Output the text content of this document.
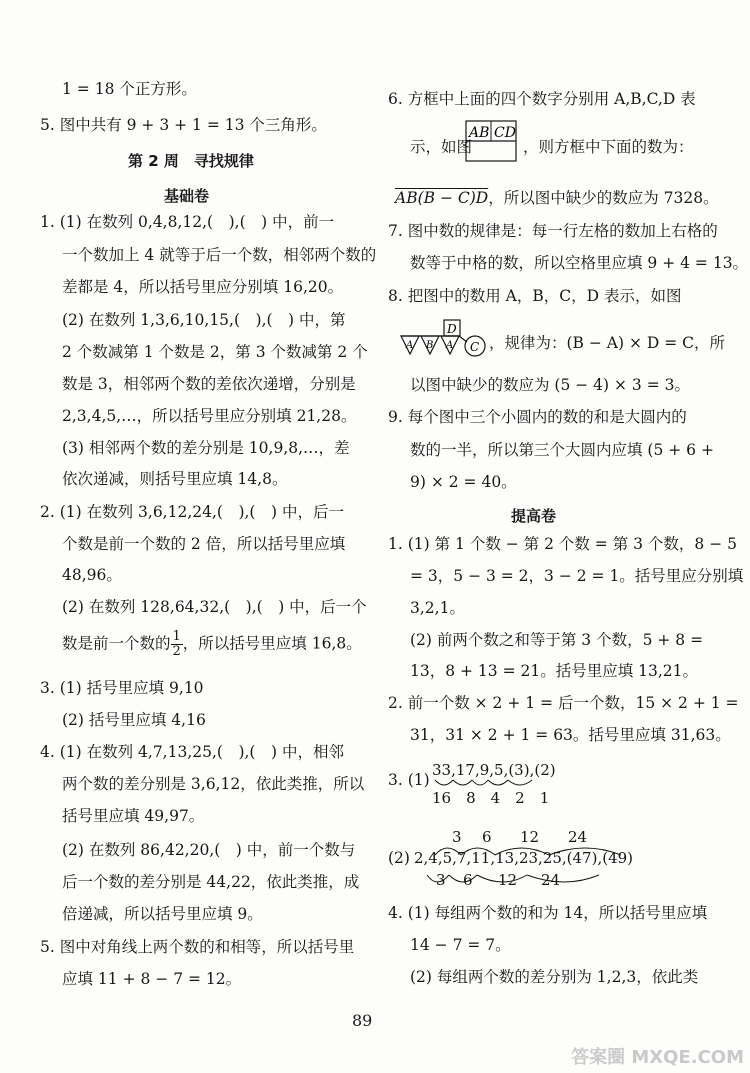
1 = 18 个正方形。
5. 图中共有 9 + 3 + 1 = 13 个三角形。
第 2 周　寻找规律
基础卷
1. (1) 在数列 0,4,8,12,(　),(　) 中，前一
一个数加上 4 就等于后一个数，相邻两个数的
差都是 4，所以括号里应分别填 16,20。
(2) 在数列 1,3,6,10,15,(　),(　) 中，第
2 个数减第 1 个数是 2，第 3 个数减第 2 个
数是 3，相邻两个数的差依次递增，分别是
2,3,4,5,…，所以括号里应分别填 21,28。
(3) 相邻两个数的差分别是 10,9,8,…，差
依次递减，则括号里应填 14,8。
2. (1) 在数列 3,6,12,24,(　),(　) 中，后一
个数是前一个数的 2 倍，所以括号里应填
48,96。
(2) 在数列 128,64,32,(　),(　) 中，后一个
数是前一个数的 $\frac{1}{2}$ ，所以括号里应填 16,8。
3. (1) 括号里应填 9,10
(2) 括号里应填 4,16
4. (1) 在数列 4,7,13,25,(　),(　) 中，相邻
两个数的差分别是 3,6,12，依此类推，所以
括号里应填 49,97。
(2) 在数列 86,42,20,(　) 中，前一个数与
后一个数的差分别是 44,22，依此类推，成
倍递减，所以括号里应填 9。
5. 图中对角线上两个数的和相等，所以括号里
应填 11 + 8 − 7 = 12。
6. 方框中上面的四个数字分别用 A,B,C,D 表
示，如图
AB CD
，则方框中下面的数为：
AB(B − C)D，所以图中缺少的数应为 7328。
7. 图中数的规律是：每一行左格的数加上右格的
数等于中格的数，所以空格里应填 9 + 4 = 13。
8. 把图中的数用 A，B，C，D 表示，如图
A B A
D
C ，规律为：(B − A) × D = C，所
以图中缺少的数应为 (5 − 4) × 3 = 3。
9. 每个图中三个小圆内的数的和是大圆内的
数的一半，所以第三个大圆内应填 (5 + 6 +
9) × 2 = 40。
提高卷
1. (1) 第 1 个数 − 第 2 个数 = 第 3 个数，8 − 5
= 3，5 − 3 = 2，3 − 2 = 1。括号里应分别填
3,2,1。
(2) 前两个数之和等于第 3 个数，5 + 8 =
13，8 + 13 = 21。括号里应填 13,21。
2. 前一个数 × 2 + 1 = 后一个数，15 × 2 + 1 =
31，31 × 2 + 1 = 63。括号里应填 31,63。
3. (1)
33,17,9,5,(3),(2)
16　8　4　2　1
3 6 12 24
(2) 2,4,5,7,11,13,23,25,(47),(49)
3 6 12 24
4. (1) 每组两个数的和为 14，所以括号里应填
14 − 7 = 7。
(2) 每组两个数的差分别为 1,2,3，依此类
89
答案圈 MXQE.COM
